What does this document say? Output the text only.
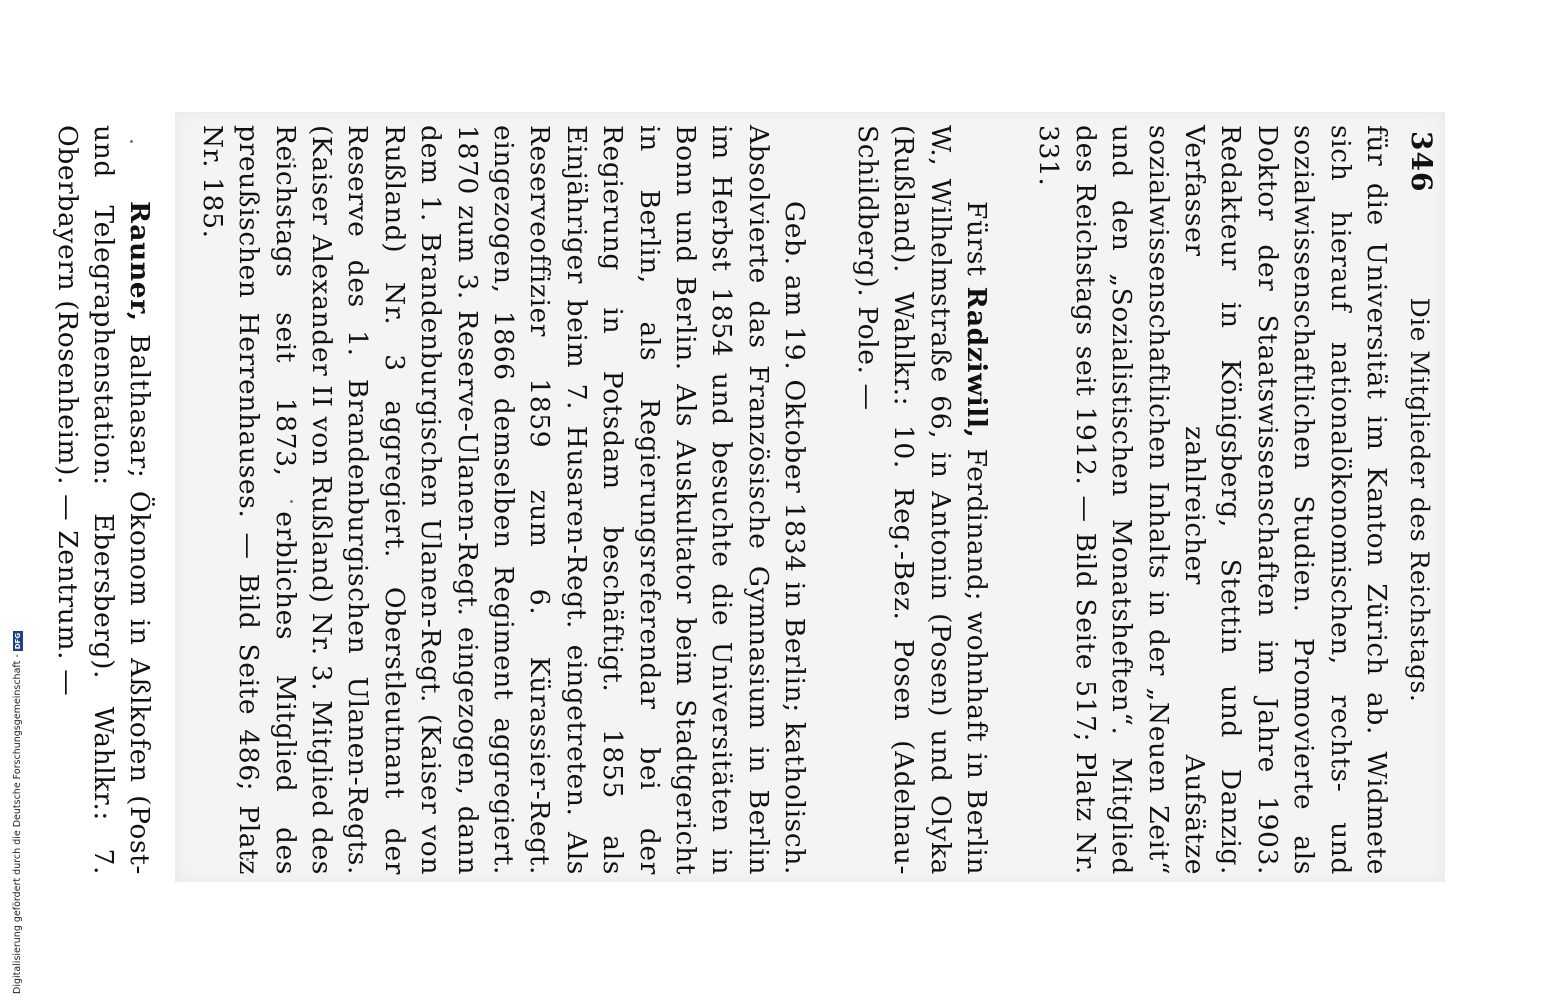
346
Die Mitglieder des Reichstags.

für die Universität im Kanton Zürich ab. Widmete sich hierauf nationalökonomischen, rechts- und sozialwissenschaftlichen Studien. Promovierte als Doktor der Staatswissenschaften im Jahre 1903. Redakteur in Königsberg, Stettin und Danzig. Verfasser zahlreicher Aufsätze sozialwissenschaftlichen Inhalts in der „Neuen Zeit“ und den „Sozialistischen Monatsheften“. Mitglied des Reichstags seit 1912. — Bild Seite 517; Platz Nr. 331.

Fürst Radziwill, Ferdinand; wohnhaft in Berlin W., Wilhelmstraße 66, in Antonin (Posen) und Olyka (Rußland). Wahlkr.: 10. Reg.-Bez. Posen (Adelnau-Schildberg). Pole. —

Geb. am 19. Oktober 1834 in Berlin; katholisch. Absolvierte das Französische Gymnasium in Berlin im Herbst 1854 und besuchte die Universitäten in Bonn und Berlin. Als Auskultator beim Stadtgericht in Berlin, als Regierungsreferendar bei der Regierung in Potsdam beschäftigt. 1855 als Einjähriger beim 7. Husaren-Regt. eingetreten. Als Reserveoffizier 1859 zum 6. Kürassier-Regt. eingezogen, 1866 demselben Regiment aggregiert. 1870 zum 3. Reserve-Ulanen-Regt. eingezogen, dann dem 1. Brandenburgischen Ulanen-Regt. (Kaiser von Rußland) Nr. 3 aggregiert. Oberstleutnant der Reserve des 1. Brandenburgischen Ulanen-Regts. (Kaiser Alexander II von Rußland) Nr. 3. Mitglied des Reichstags seit 1873, erbliches Mitglied des preußischen Herrenhauses. — Bild Seite 486; Platz Nr. 185.

Rauner, Balthasar; Ökonom in Aßlkofen (Post- und Telegraphenstation: Ebersberg). Wahlkr.: 7. Oberbayern (Rosenheim). — Zentrum. —

Digitalisierung gefördert durch die Deutsche Forschungsgemeinschaft -DFG
